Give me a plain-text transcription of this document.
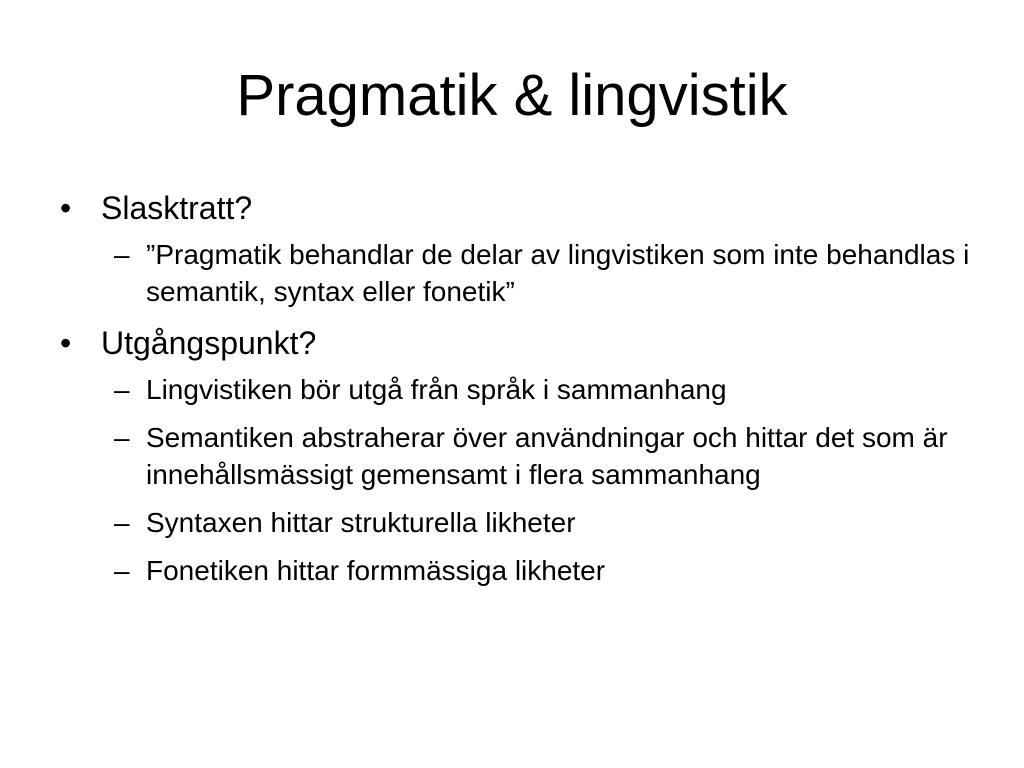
Pragmatik & lingvistik
• Slasktratt?
– ”Pragmatik behandlar de delar av lingvistiken som inte behandlas i semantik, syntax eller fonetik”
• Utgångspunkt?
– Lingvistiken bör utgå från språk i sammanhang
– Semantiken abstraherar över användningar och hittar det som är innehållsmässigt gemensamt i flera sammanhang
– Syntaxen hittar strukturella likheter
– Fonetiken hittar formmässiga likheter
